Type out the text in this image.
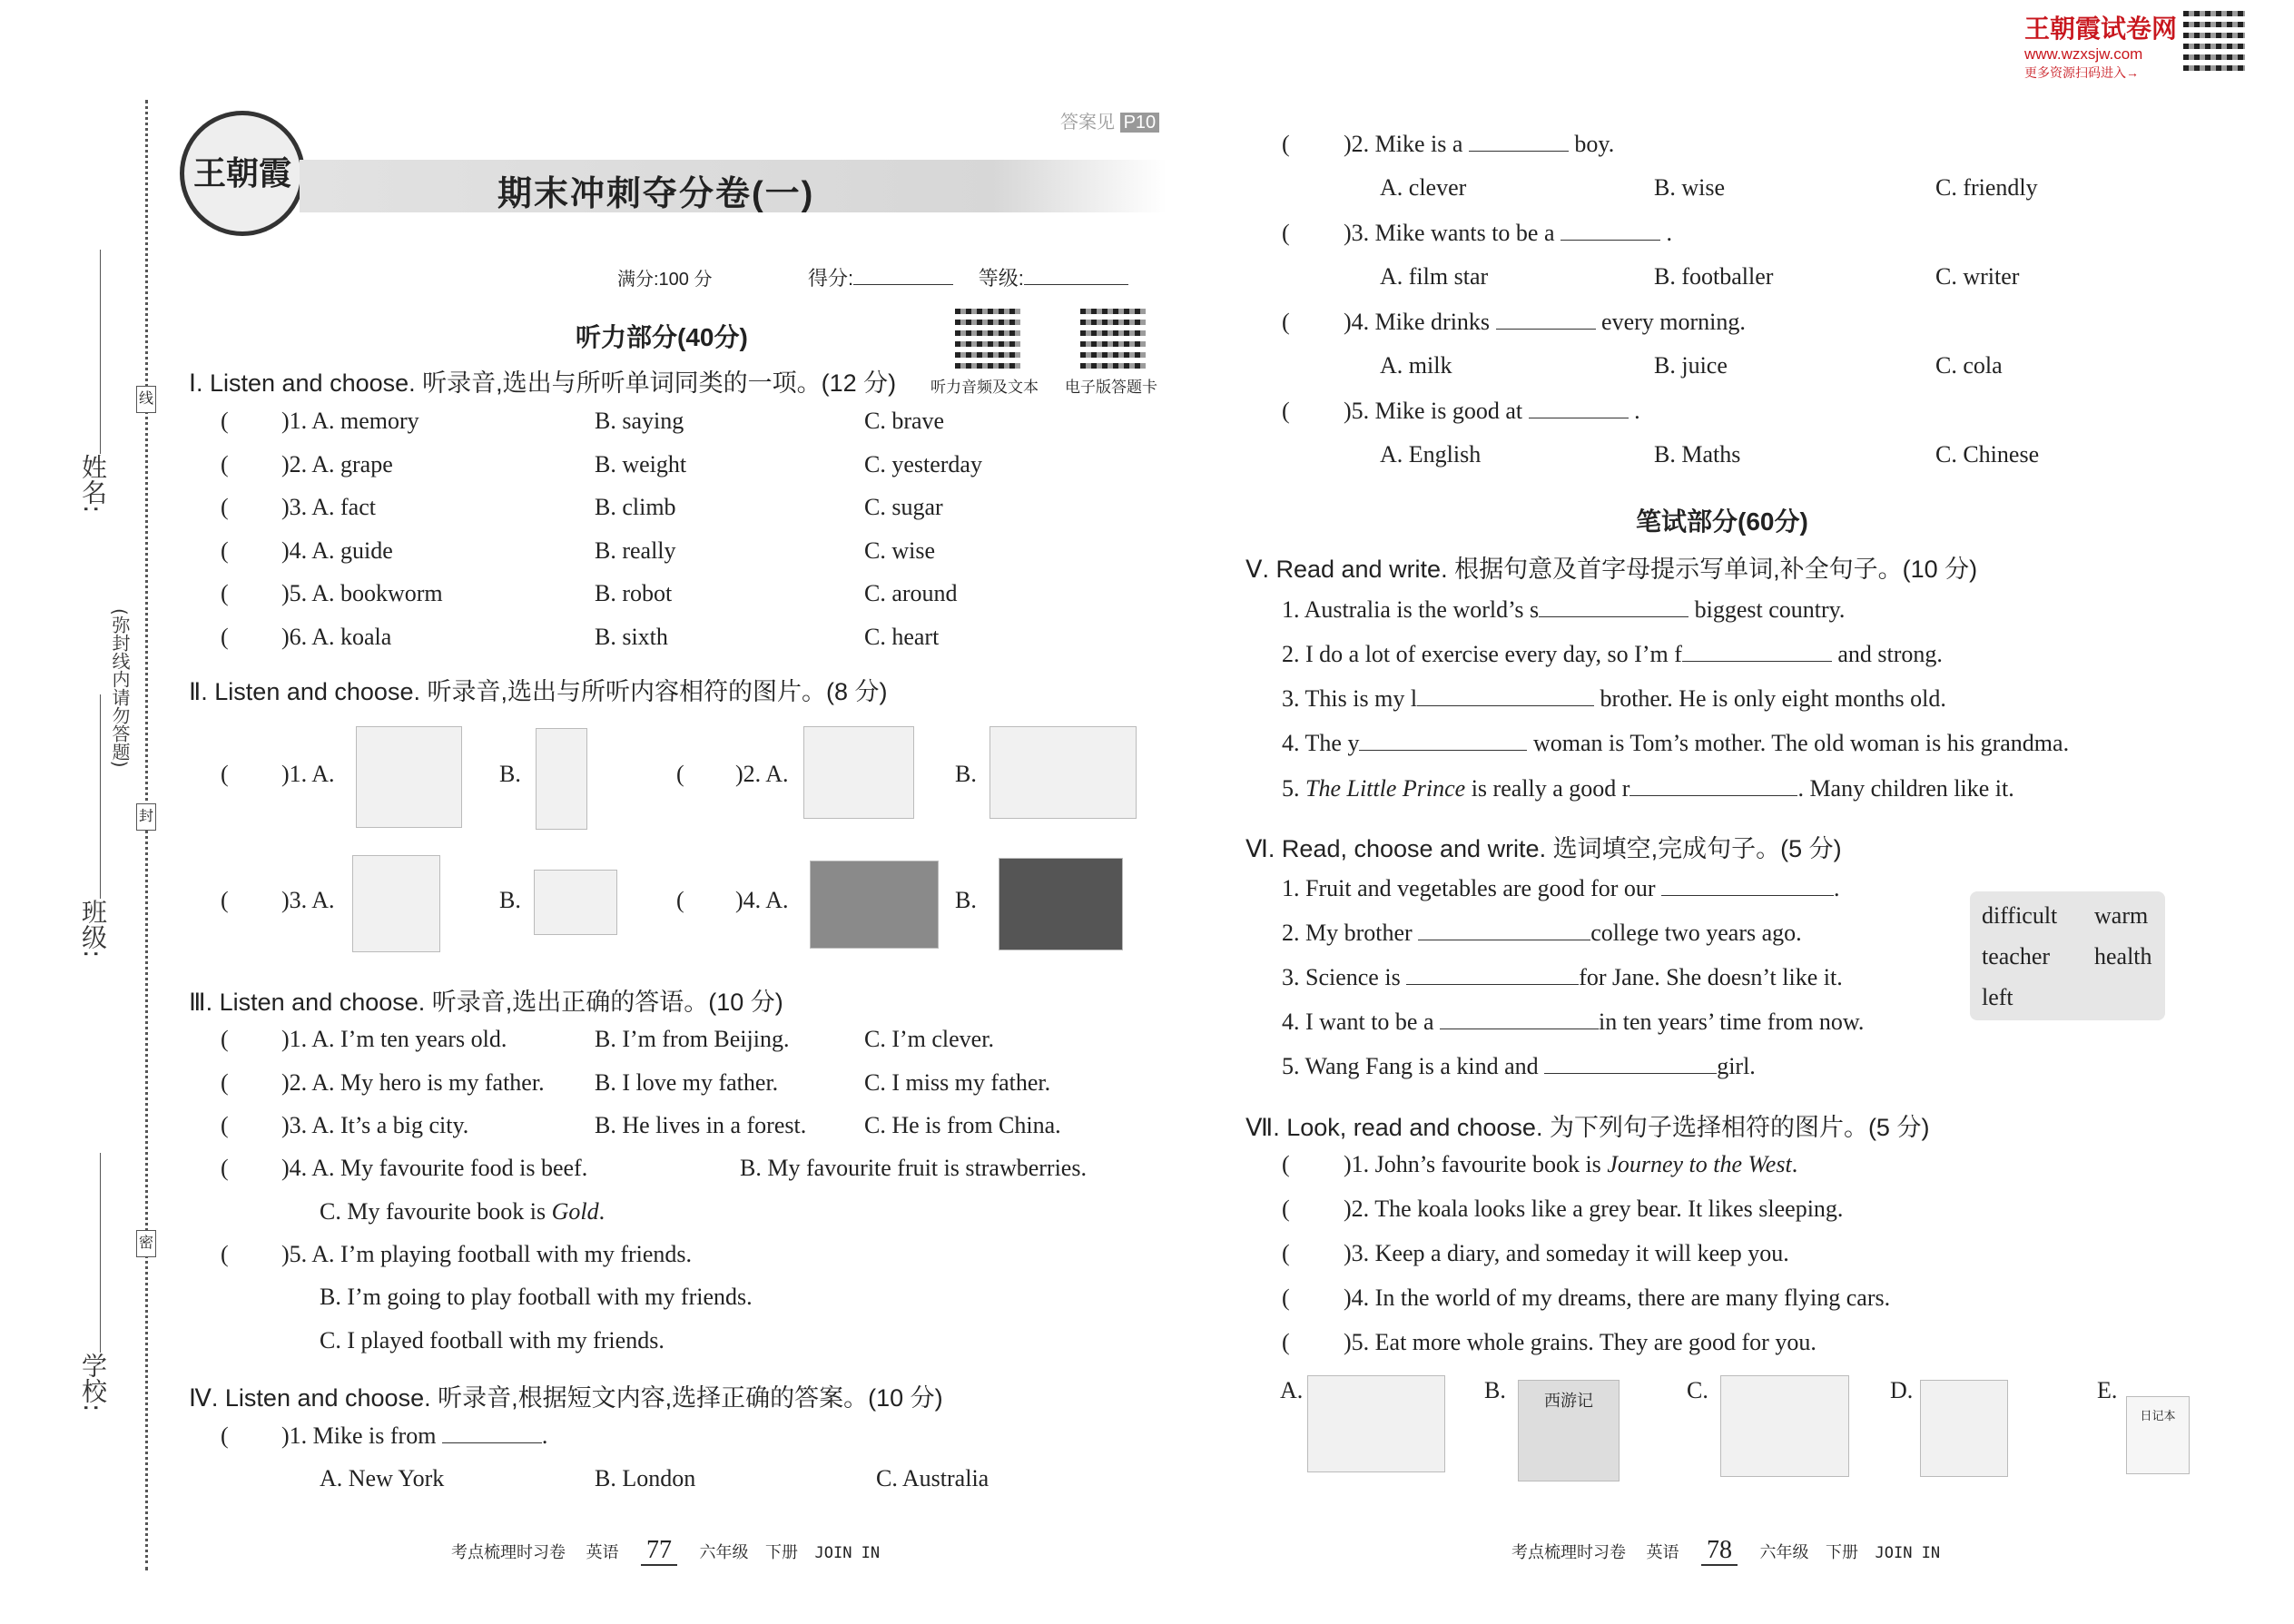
王朝霞试卷网
www.wzxsjw.com
更多资源扫码进入→
线
封
密
(弥封线内请勿答题)
姓名:
班级:
学校:
王朝霞
答案见 P10
期末冲刺夺分卷(一)
满分:100 分	得分:	等级:
听力部分(40分)
听力音频及文本 电子版答题卡
Ⅰ. Listen and choose. 听录音,选出与所听单词同类的一项。(12 分)
( )1. A. memory	B. saying	C. brave
( )2. A. grape	B. weight	C. yesterday
( )3. A. fact	B. climb	C. sugar
( )4. A. guide	B. really	C. wise
( )5. A. bookworm	B. robot	C. around
( )6. A. koala	B. sixth	C. heart
Ⅱ. Listen and choose. 听录音,选出与所听内容相符的图片。(8 分)
( )1. A.	B.	( )2. A.	B.
( )3. A.	B.	( )4. A.	B.
Ⅲ. Listen and choose. 听录音,选出正确的答语。(10 分)
( )1. A. I’m ten years old.	B. I’m from Beijing.	C. I’m clever.
( )2. A. My hero is my father. B. I love my father.	C. I miss my father.
( )3. A. It’s a big city.	B. He lives in a forest. C. He is from China.
( )4. A. My favourite food is beef.	B. My favourite fruit is strawberries.
C. My favourite book is Gold.
( )5. A. I’m playing football with my friends.
B. I’m going to play football with my friends.
C. I played football with my friends.
Ⅳ. Listen and choose. 听录音,根据短文内容,选择正确的答案。(10 分)
( )1. Mike is from	.
A. New York	B. London	C. Australia
考点梳理时习卷 英语 77 六年级 下册 JOIN IN
( )2. Mike is a	boy.
A. clever	B. wise	C. friendly
( )3. Mike wants to be a	.
A. film star	B. footballer	C. writer
( )4. Mike drinks	every morning.
A. milk	B. juice	C. cola
( )5. Mike is good at	.
A. English	B. Maths	C. Chinese
笔试部分(60分)
Ⅴ. Read and write. 根据句意及首字母提示写单词,补全句子。(10 分)
1. Australia is the world’s s	biggest country.
2. I do a lot of exercise every day, so I’m f	and strong.
3. This is my l	brother. He is only eight months old.
4. The y	woman is Tom’s mother. The old woman is his grandma.
5. The Little Prince is really a good r	. Many children like it.
Ⅵ. Read, choose and write. 选词填空,完成句子。(5 分)
1. Fruit and vegetables are good for our	.
2. My brother	college two years ago.
3. Science is	for Jane. She doesn’t like it.
4. I want to be a	in ten years’ time from now.
5. Wang Fang is a kind and	girl.
difficult warm
teacher health
left
Ⅶ. Look, read and choose. 为下列句子选择相符的图片。(5 分)
( )1. John’s favourite book is Journey to the West.
( )2. The koala looks like a grey bear. It likes sleeping.
( )3. Keep a diary, and someday it will keep you.
( )4. In the world of my dreams, there are many flying cars.
( )5. Eat more whole grains. They are good for you.
A.	B.	西游记	C.	D.	E.
日记本
考点梳理时习卷 英语 78 六年级 下册 JOIN IN
